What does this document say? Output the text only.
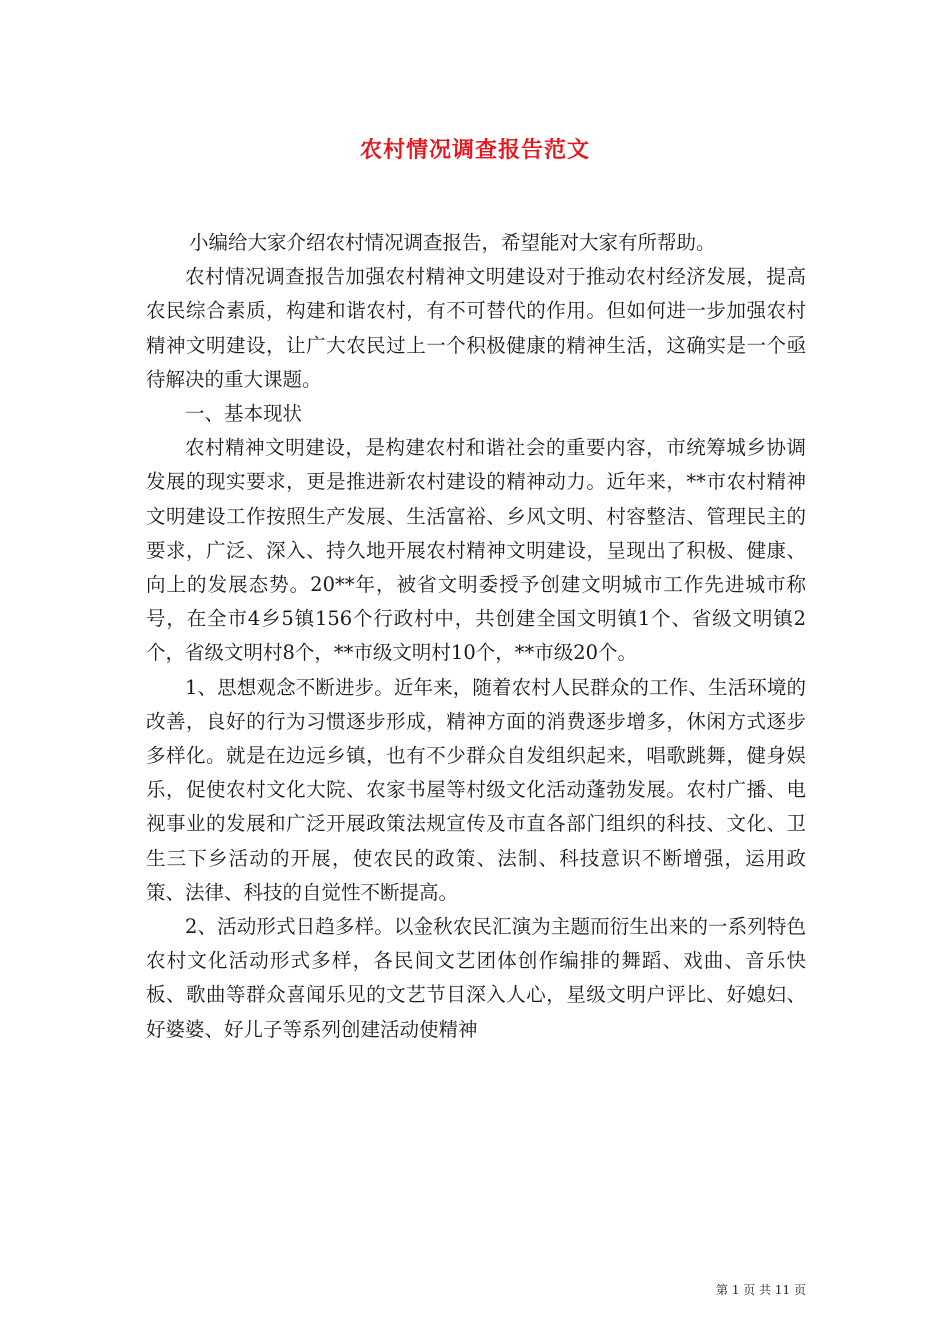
农村情况调查报告范文

小编给大家介绍农村情况调查报告，希望能对大家有所帮助。

农村情况调查报告加强农村精神文明建设对于推动农村经济发展，提高农民综合素质，构建和谐农村，有不可替代的作用。但如何进一步加强农村精神文明建设，让广大农民过上一个积极健康的精神生活，这确实是一个亟待解决的重大课题。

一、基本现状

农村精神文明建设，是构建农村和谐社会的重要内容，市统筹城乡协调发展的现实要求，更是推进新农村建设的精神动力。近年来，**市农村精神文明建设工作按照生产发展、生活富裕、乡风文明、村容整洁、管理民主的要求，广泛、深入、持久地开展农村精神文明建设，呈现出了积极、健康、向上的发展态势。20**年，被省文明委授予创建文明城市工作先进城市称号，在全市4乡5镇156个行政村中，共创建全国文明镇1个、省级文明镇2个，省级文明村8个，**市级文明村10个，**市级20个。

1、思想观念不断进步。近年来，随着农村人民群众的工作、生活环境的改善，良好的行为习惯逐步形成，精神方面的消费逐步增多，休闲方式逐步多样化。就是在边远乡镇，也有不少群众自发组织起来，唱歌跳舞，健身娱乐，促使农村文化大院、农家书屋等村级文化活动蓬勃发展。农村广播、电视事业的发展和广泛开展政策法规宣传及市直各部门组织的科技、文化、卫生三下乡活动的开展，使农民的政策、法制、科技意识不断增强，运用政策、法律、科技的自觉性不断提高。

2、活动形式日趋多样。以金秋农民汇演为主题而衍生出来的一系列特色农村文化活动形式多样，各民间文艺团体创作编排的舞蹈、戏曲、音乐快板、歌曲等群众喜闻乐见的文艺节目深入人心，星级文明户评比、好媳妇、好婆婆、好儿子等系列创建活动使精神

第 1 页 共 11 页
